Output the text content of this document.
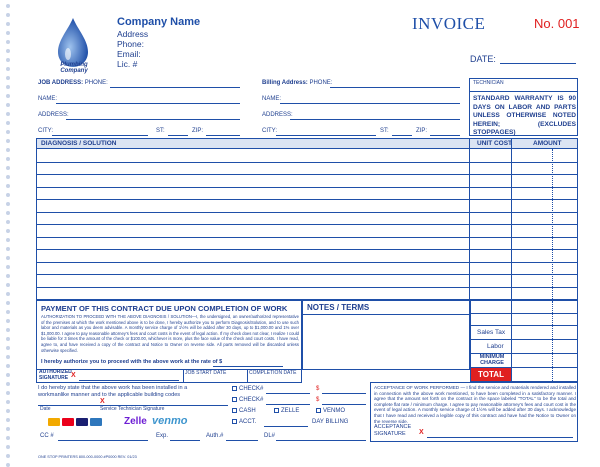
Plumbing Company
Company Name
Address
Phone:
Email:
Lic. #
INVOICE	No. 001
DATE:
JOB ADDRESS: PHONE:
NAME:
ADDRESS:
CITY:	ST:	ZIP:
Billing Address: PHONE:
NAME:
ADDRESS:
CITY:	ST:	ZIP:
TECHNICIAN
STANDARD WARRANTY IS 90 DAYS ON LABOR AND PARTS UNLESS OTHERWISE NOTED HEREIN; (EXCLUDES STOPPAGES)
DIAGNOSIS / SOLUTION	UNIT COST	AMOUNT
PAYMENT OF THIS CONTRACT DUE UPON COMPLETION OF WORK
AUTHORIZATION TO PROCEED WITH THE ABOVE DIAGNOSIS / SOLUTION—I, the undersigned, an owner/authorized representative of the premises at which the work mentioned above is to be done, I hereby authorize you to perform Diagnosis/Solution, and to use such labor and materials as you deem advisable. A monthly service charge of 1½% will be added after 30 days, up to $1,000.00 and 1% over $1,000.00. I agree to pay reasonable attorney's fees and court costs in the event of legal action. If my check does not clear, I realize I could be liable for 3 times the amount of the check or $100.00, whichever is more, plus the face value of the check and court costs. I have read, agree to, and have received a copy of the contract and Notice to Owner on reverse side. All parts removed will be discarded unless otherwise specified.
I hereby authorize you to proceed with the above work at the rate of $
AUTHORIZED SIGNATURE X	JOB START DATE	COMPLETION DATE
NOTES / TERMS
Sales Tax
Labor
MINIMUM CHARGE
TOTAL
I do hereby state that the above work has been installed in a workmanlike manner and to the applicable building codes
X
Date	Service Technician Signature
Zelle venmo
CC #	Exp.	Auth.#	DL#
CHECK#	$
CHECK#	$
CASH	ZELLE	VENMO
ACCT.	DAY BILLING
ACCEPTANCE OF WORK PERFORMED — I find the service and materials rendered and installed in connection with the above work mentioned, to have been completed in a satisfactory manner. I agree that the amount set forth on the contract in the space labeled "TOTAL" to be the total and complete flat rate / minimum charge. I agree to pay reasonable attorney's fees and court cost in the event of legal action. A monthly service charge of 1½% will be added after 30 days. I acknowledge that I have read and received a legible copy of this contract and have had the Notice to Owner on the reverse side.
ACCEPTANCE SIGNATURE	X
ONE STOP PRINTERS 800-000-0000 #P0000 REV. 01/23
